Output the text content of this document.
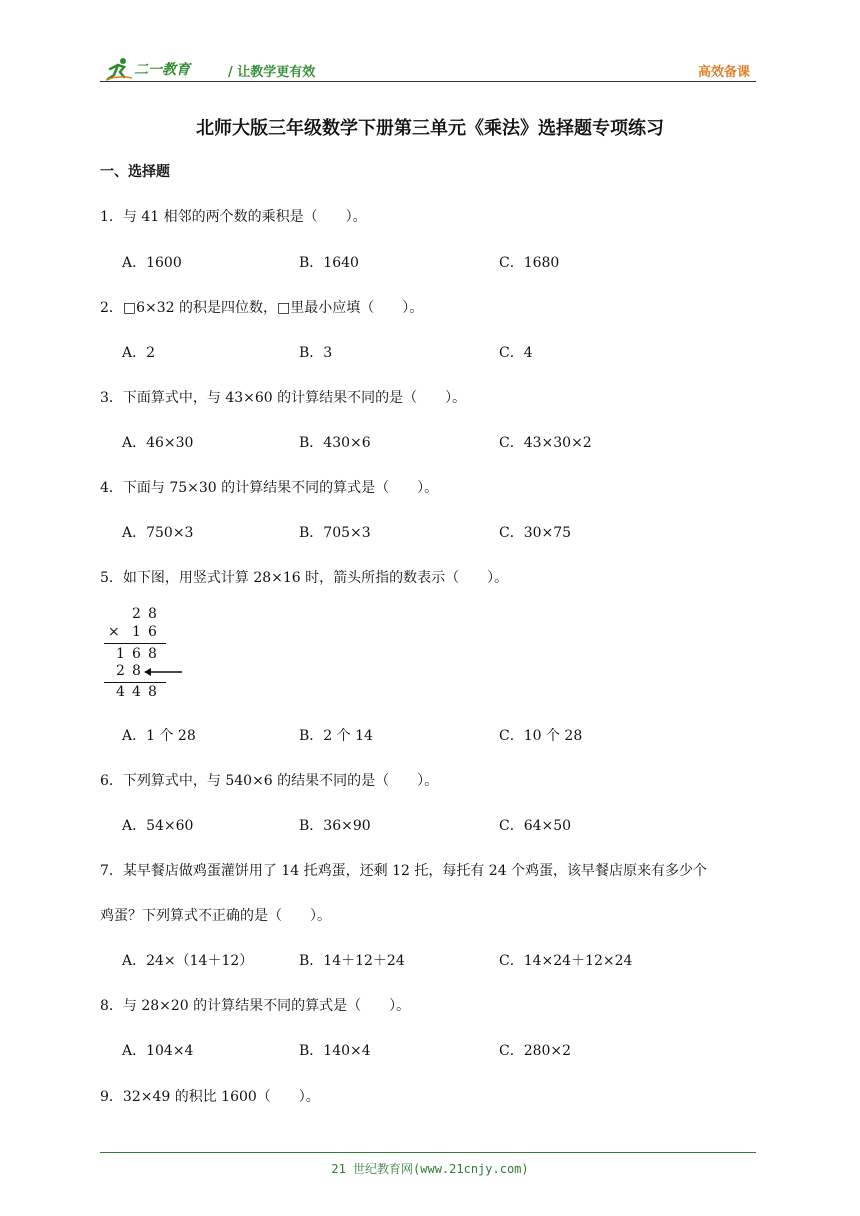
二一教育	/ 让教学更有效	高效备课
北师大版三年级数学下册第三单元《乘法》选择题专项练习
一、选择题
1．与 41 相邻的两个数的乘积是（　　）。
A．1600	B．1640	C．1680
2．□6×32 的积是四位数，□里最小应填（　　）。
A．2	B．3	C．4
3．下面算式中，与 43×60 的计算结果不同的是（　　）。
A．46×30	B．430×6	C．43×30×2
4．下面与 75×30 的计算结果不同的算式是（　　）。
A．750×3	B．705×3	C．30×75
5．如下图，用竖式计算 28×16 时，箭头所指的数表示（　　）。
2 8
× 1 6
1 6 8
2 8
4 4 8
A．1 个 28	B．2 个 14	C．10 个 28
6．下列算式中，与 540×6 的结果不同的是（　　）。
A．54×60	B．36×90	C．64×50
7．某早餐店做鸡蛋灌饼用了 14 托鸡蛋，还剩 12 托，每托有 24 个鸡蛋，该早餐店原来有多少个
鸡蛋？下列算式不正确的是（　　）。
A．24×（14＋12）	B．14＋12＋24	C．14×24＋12×24
8．与 28×20 的计算结果不同的算式是（　　）。
A．104×4	B．140×4	C．280×2
9．32×49 的积比 1600（　　）。
21 世纪教育网(www.21cnjy.com)
